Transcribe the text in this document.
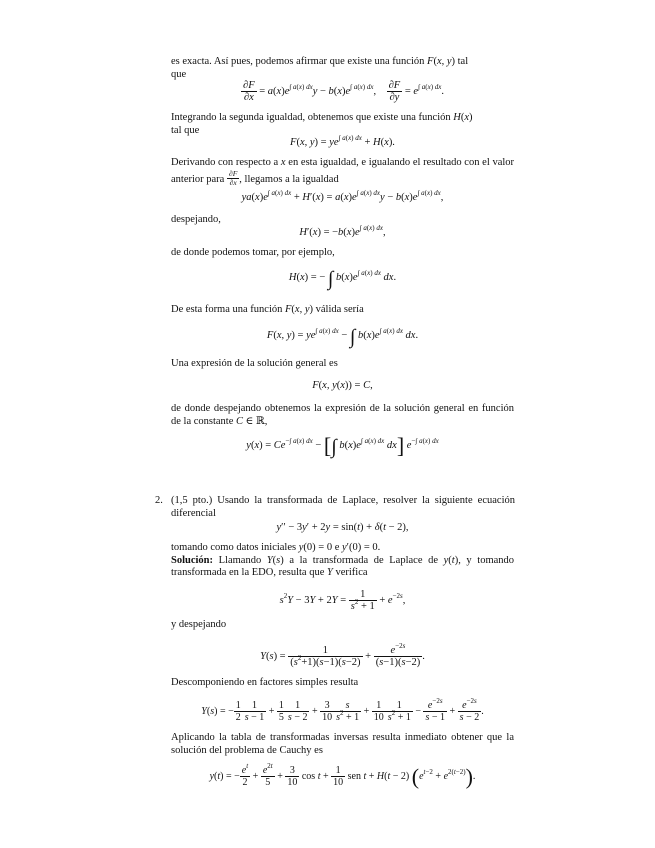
es exacta. Así pues, podemos afirmar que existe una función F(x, y) tal
que

$\frac{\partial F}{\partial x} = a(x)e^{\int a(x) dx}y - b(x)e^{\int a(x) dx}$, $\frac{\partial F}{\partial y} = e^{\int a(x) dx}$.

Integrando la segunda igualdad, obtenemos que existe una función H(x)
tal que

F(x, $y) = ye^{\int a(x) dx} + H(x)$.

Derivando con respecto a x en esta igualdad, e igualando el resultado con el valor anterior para $\frac{\partial F}{\partial x}$ , llegamos a la igualdad

$ya(x)e^{\int a(x) dx} + H'(x) = a(x)e^{\int a(x) dx}y - b(x)e^{\int a(x) dx}$,

despejando,

$H'(x) = -b(x)e^{\int a(x) dx}$,

de donde podemos tomar, por ejemplo,

H(x) = − ∫ $b(x)e^{\int a(x) dx}$ dx.

De esta forma una función F(x, y) válida sería

F(x, $y) = ye^{\int a(x) dx}$ − ∫ $b(x)e^{\int a(x) dx}$ dx.

Una expresión de la solución general es

F(x, y(x)) = C,

de donde despejando obtenemos la expresión de la solución general en función de la constante C ∈ ℝ,

$y(x) = Ce^{-\int a(x) dx}$ − [∫ $b(x)e^{\int a(x) dx}$ dx] $e^{-\int a(x) dx}$
2. (1,5 pto.) Usando la transformada de Laplace, resolver la siguiente ecuación diferencial

y′′ − 3y′ + 2y = sin(t) + δ(t − 2),

tomando como datos iniciales y(0) = 0 e y′(0) = 0.
Solución: Llamando Y(s) a la transformada de Laplace de y(t), y tomando transformada en la EDO, resulta que Y verifica

$s^2Y - 3Y + 2Y = \frac{1}{s^2 + 1} + e^{-2s}$,

y despejando

$Y(s) = \frac{1}{(s^2+1)(s-1)(s-2)} + \frac{e^{-2s}}{(s-1)(s-2)}$ .

Descomponiendo en factores simples resulta

Y(s) = − $\frac{1}{2} \frac{1}{s - 1} + \frac{1}{5} \frac{1}{s - 2} + \frac{3}{10} \frac{s}{s^2 + 1} + \frac{1}{10} \frac{1}{s^2 + 1} - \frac{e^{-2s}}{s - 1} + \frac{e^{-2s}}{s - 2}$ .

Aplicando la tabla de transformadas inversas resulta inmediato obtener que la solución del problema de Cauchy es

y(t) = − $\frac{e^t}{2} + \frac{e^{2t}}{5} + \frac{3}{10}$ $\cos t + \frac{1}{10}$ sen t + H(t − 2) $(e^{t-2} + e^{2(t-2)})$.
